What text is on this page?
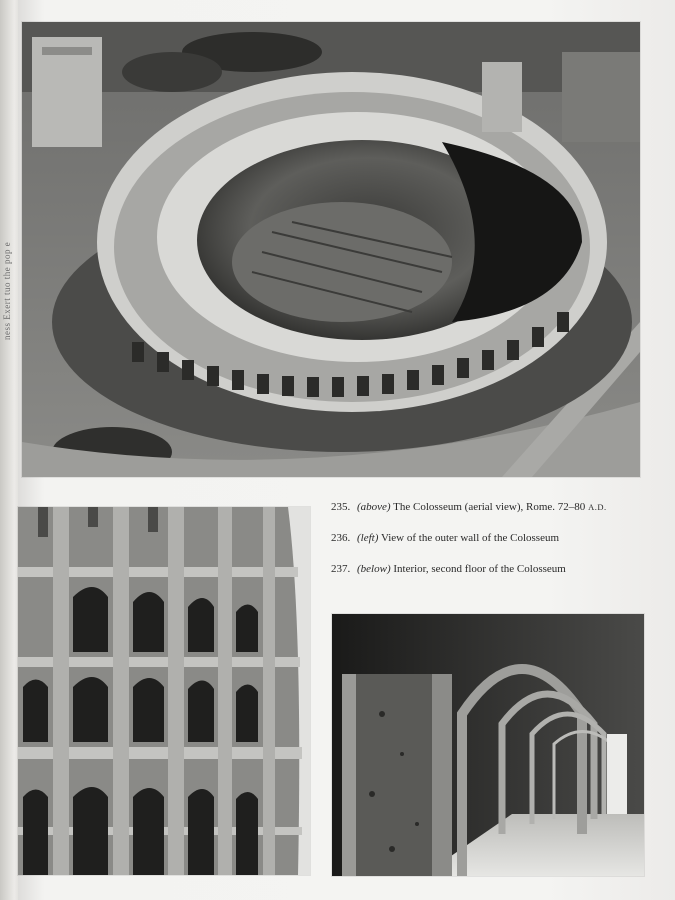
ness Exert tuo the pop e
235. (above) The Colosseum (aerial view), Rome. 72–80 A.D.
236. (left) View of the outer wall of the Colosseum
237. (below) Interior, second floor of the Colosseum
